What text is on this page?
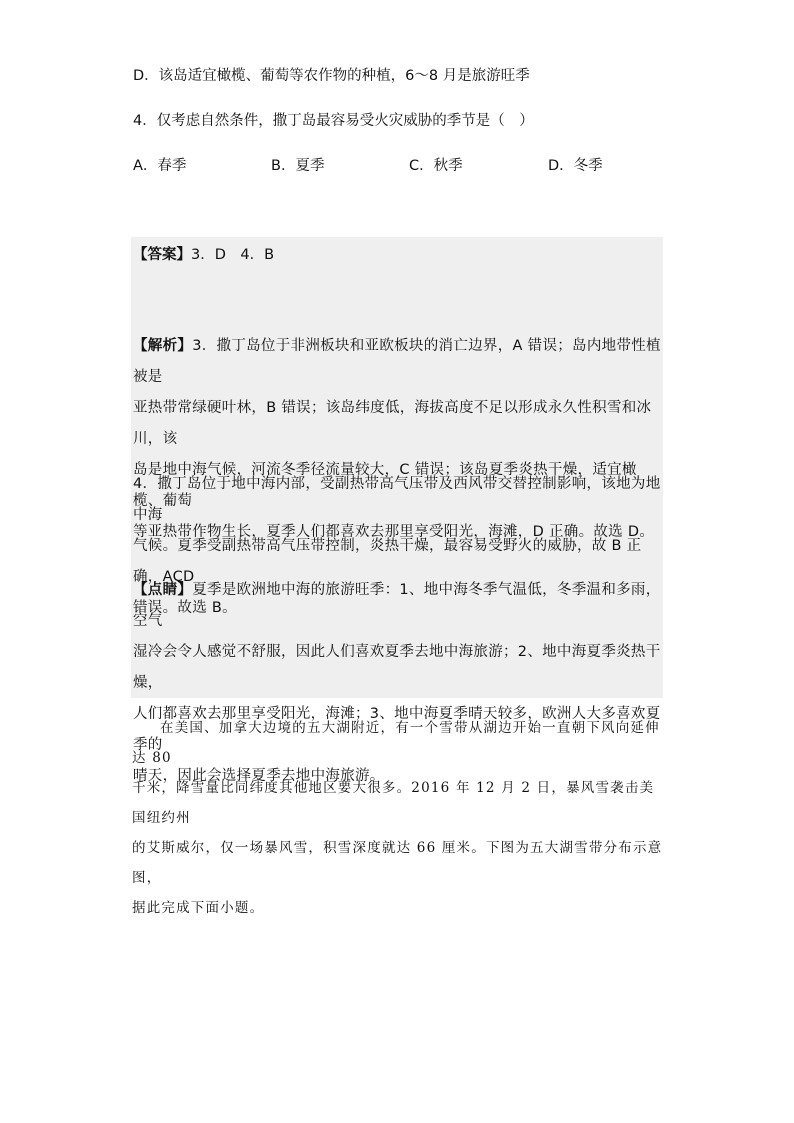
D．该岛适宜橄榄、葡萄等农作物的种植，6～8 月是旅游旺季
4．仅考虑自然条件，撒丁岛最容易受火灾威胁的季节是（　）
A．春季	B．夏季	C．秋季	D．冬季
【答案】3．D　4．B

【解析】3．撒丁岛位于非洲板块和亚欧板块的消亡边界，A 错误；岛内地带性植被是

亚热带常绿硬叶林，B 错误；该岛纬度低，海拔高度不足以形成永久性积雪和冰川，该

岛是地中海气候，河流冬季径流量较大，C 错误；该岛夏季炎热干燥，适宜橄榄、葡萄

等亚热带作物生长，夏季人们都喜欢去那里享受阳光，海滩，D 正确。故选 D。

4．撒丁岛位于地中海内部，受副热带高气压带及西风带交替控制影响，该地为地中海

气候。夏季受副热带高气压带控制，炎热干燥，最容易受野火的威胁，故 B 正确，ACD

错误。故选 B。

【点睛】夏季是欧洲地中海的旅游旺季：1、地中海冬季气温低，冬季温和多雨，空气

湿冷会令人感觉不舒服，因此人们喜欢夏季去地中海旅游；2、地中海夏季炎热干燥，

人们都喜欢去那里享受阳光，海滩；3、地中海夏季晴天较多，欧洲人大多喜欢夏季的

晴天，因此会选择夏季去地中海旅游。

在美国、加拿大边境的五大湖附近，有一个雪带从湖边开始一直朝下风向延伸达 80

千米，降雪量比同纬度其他地区要大很多。2016 年 12 月 2 日，暴风雪袭击美国纽约州

的艾斯威尔，仅一场暴风雪，积雪深度就达 66 厘米。下图为五大湖雪带分布示意图，

据此完成下面小题。
